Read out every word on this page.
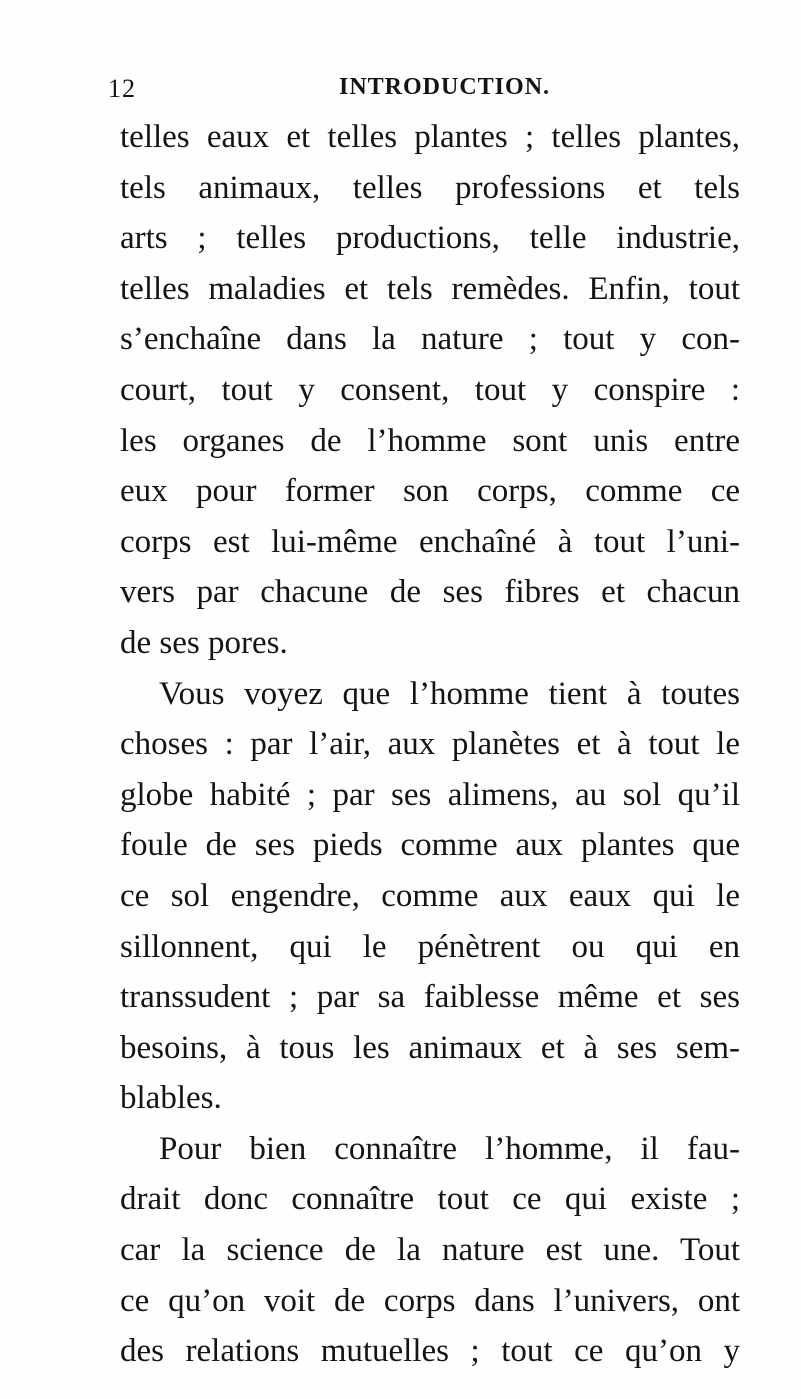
12	INTRODUCTION.
telles eaux et telles plantes ; telles plantes,
tels animaux, telles professions et tels
arts ; telles productions, telle industrie,
telles maladies et tels remèdes. Enfin, tout
s’enchaîne dans la nature ; tout y con-
court, tout y consent, tout y conspire :
les organes de l’homme sont unis entre
eux pour former son corps, comme ce
corps est lui-même enchaîné à tout l’uni-
vers par chacune de ses fibres et chacun
de ses pores.
Vous voyez que l’homme tient à toutes
choses : par l’air, aux planètes et à tout le
globe habité ; par ses alimens, au sol qu’il
foule de ses pieds comme aux plantes que
ce sol engendre, comme aux eaux qui le
sillonnent, qui le pénètrent ou qui en
transsudent ; par sa faiblesse même et ses
besoins, à tous les animaux et à ses sem-
blables.
Pour bien connaître l’homme, il fau-
drait donc connaître tout ce qui existe ;
car la science de la nature est une. Tout
ce qu’on voit de corps dans l’univers, ont
des relations mutuelles ; tout ce qu’on y
